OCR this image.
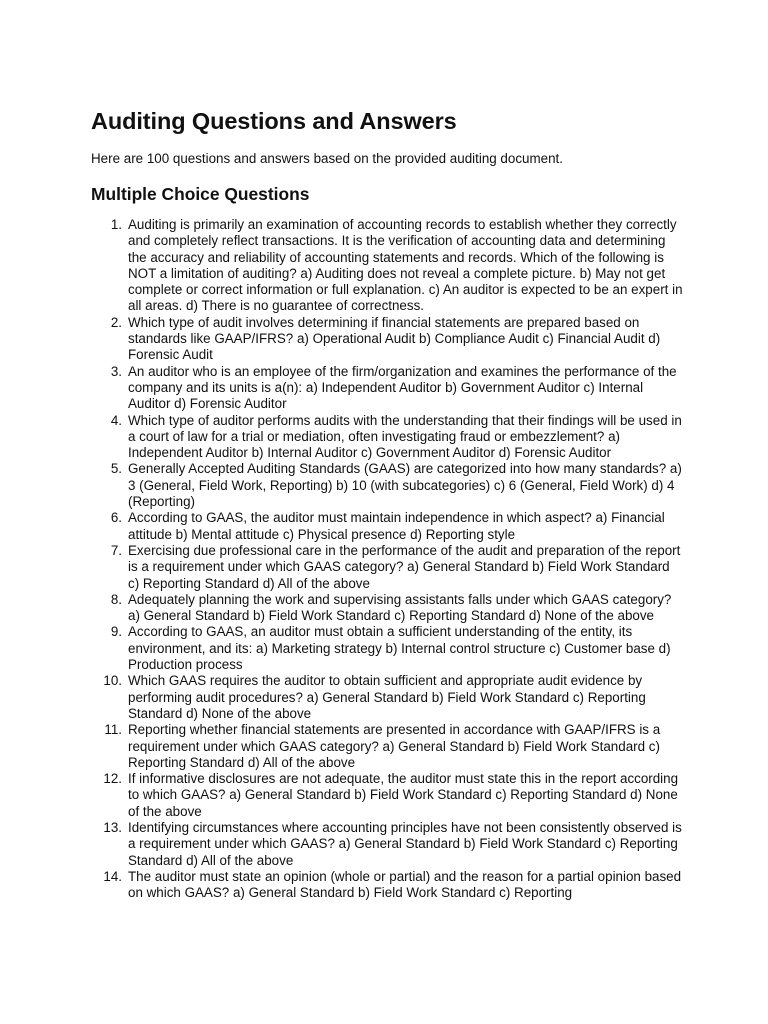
Auditing Questions and Answers

Here are 100 questions and answers based on the provided auditing document.

Multiple Choice Questions
1. Auditing is primarily an examination of accounting records to establish whether they correctly and completely reflect transactions. It is the verification of accounting data and determining the accuracy and reliability of accounting statements and records. Which of the following is NOT a limitation of auditing? a) Auditing does not reveal a complete picture. b) May not get complete or correct information or full explanation. c) An auditor is expected to be an expert in all areas. d) There is no guarantee of correctness.
2. Which type of audit involves determining if financial statements are prepared based on standards like GAAP/IFRS? a) Operational Audit b) Compliance Audit c) Financial Audit d) Forensic Audit
3. An auditor who is an employee of the firm/organization and examines the performance of the company and its units is a(n): a) Independent Auditor b) Government Auditor c) Internal Auditor d) Forensic Auditor
4. Which type of auditor performs audits with the understanding that their findings will be used in a court of law for a trial or mediation, often investigating fraud or embezzlement? a) Independent Auditor b) Internal Auditor c) Government Auditor d) Forensic Auditor
5. Generally Accepted Auditing Standards (GAAS) are categorized into how many standards? a) 3 (General, Field Work, Reporting) b) 10 (with subcategories) c) 6 (General, Field Work) d) 4 (Reporting)
6. According to GAAS, the auditor must maintain independence in which aspect? a) Financial attitude b) Mental attitude c) Physical presence d) Reporting style
7. Exercising due professional care in the performance of the audit and preparation of the report is a requirement under which GAAS category? a) General Standard b) Field Work Standard c) Reporting Standard d) All of the above
8. Adequately planning the work and supervising assistants falls under which GAAS category? a) General Standard b) Field Work Standard c) Reporting Standard d) None of the above
9. According to GAAS, an auditor must obtain a sufficient understanding of the entity, its environment, and its: a) Marketing strategy b) Internal control structure c) Customer base d) Production process
10. Which GAAS requires the auditor to obtain sufficient and appropriate audit evidence by performing audit procedures? a) General Standard b) Field Work Standard c) Reporting Standard d) None of the above
11. Reporting whether financial statements are presented in accordance with GAAP/IFRS is a requirement under which GAAS category? a) General Standard b) Field Work Standard c) Reporting Standard d) All of the above
12. If informative disclosures are not adequate, the auditor must state this in the report according to which GAAS? a) General Standard b) Field Work Standard c) Reporting Standard d) None of the above
13. Identifying circumstances where accounting principles have not been consistently observed is a requirement under which GAAS? a) General Standard b) Field Work Standard c) Reporting Standard d) All of the above
14. The auditor must state an opinion (whole or partial) and the reason for a partial opinion based on which GAAS? a) General Standard b) Field Work Standard c) Reporting
